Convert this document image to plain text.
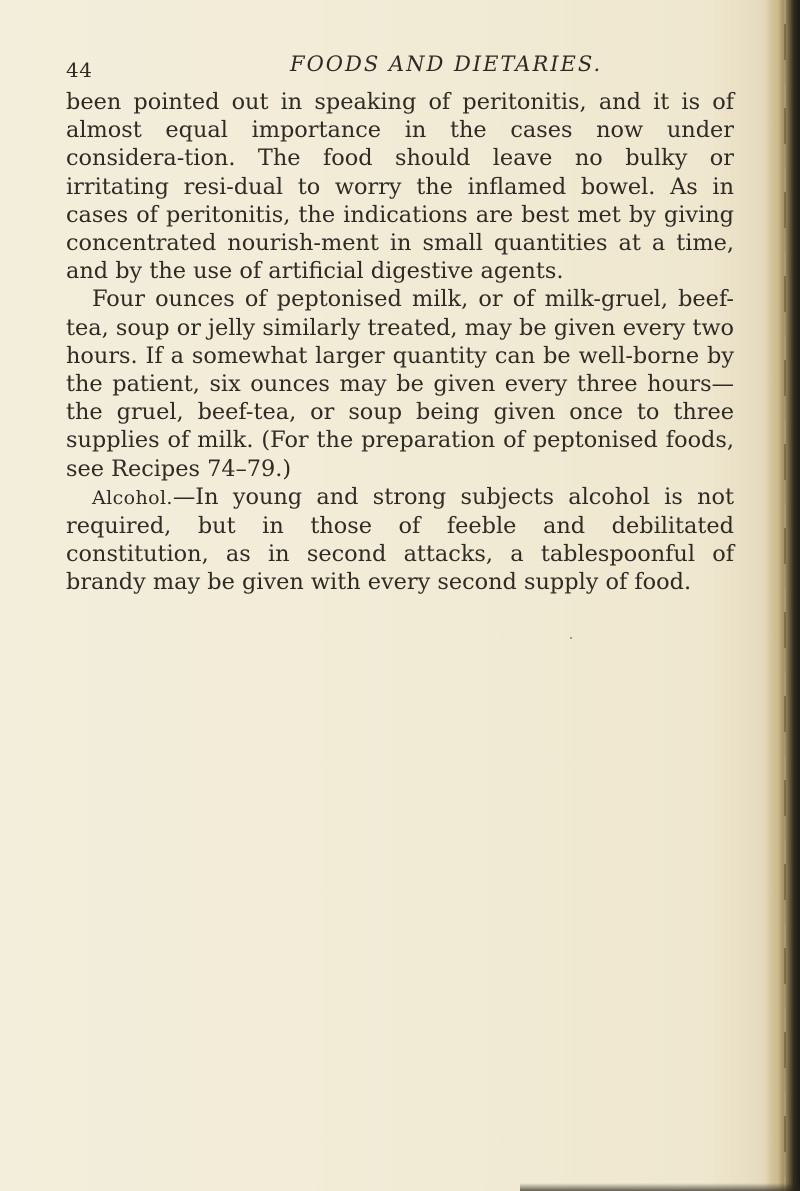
44	FOODS AND DIETARIES.

been pointed out in speaking of peritonitis, and it is of almost equal importance in the cases now under considera-tion. The food should leave no bulky or irritating resi-dual to worry the inflamed bowel. As in cases of peritonitis, the indications are best met by giving concentrated nourish-ment in small quantities at a time, and by the use of artificial digestive agents.

Four ounces of peptonised milk, or of milk-gruel, beef-tea, soup or jelly similarly treated, may be given every two hours. If a somewhat larger quantity can be well-borne by the patient, six ounces may be given every three hours—the gruel, beef-tea, or soup being given once to three supplies of milk. (For the preparation of peptonised foods, see Recipes 74–79.)

Alcohol.—In young and strong subjects alcohol is not required, but in those of feeble and debilitated constitution, as in second attacks, a tablespoonful of brandy may be given with every second supply of food.
